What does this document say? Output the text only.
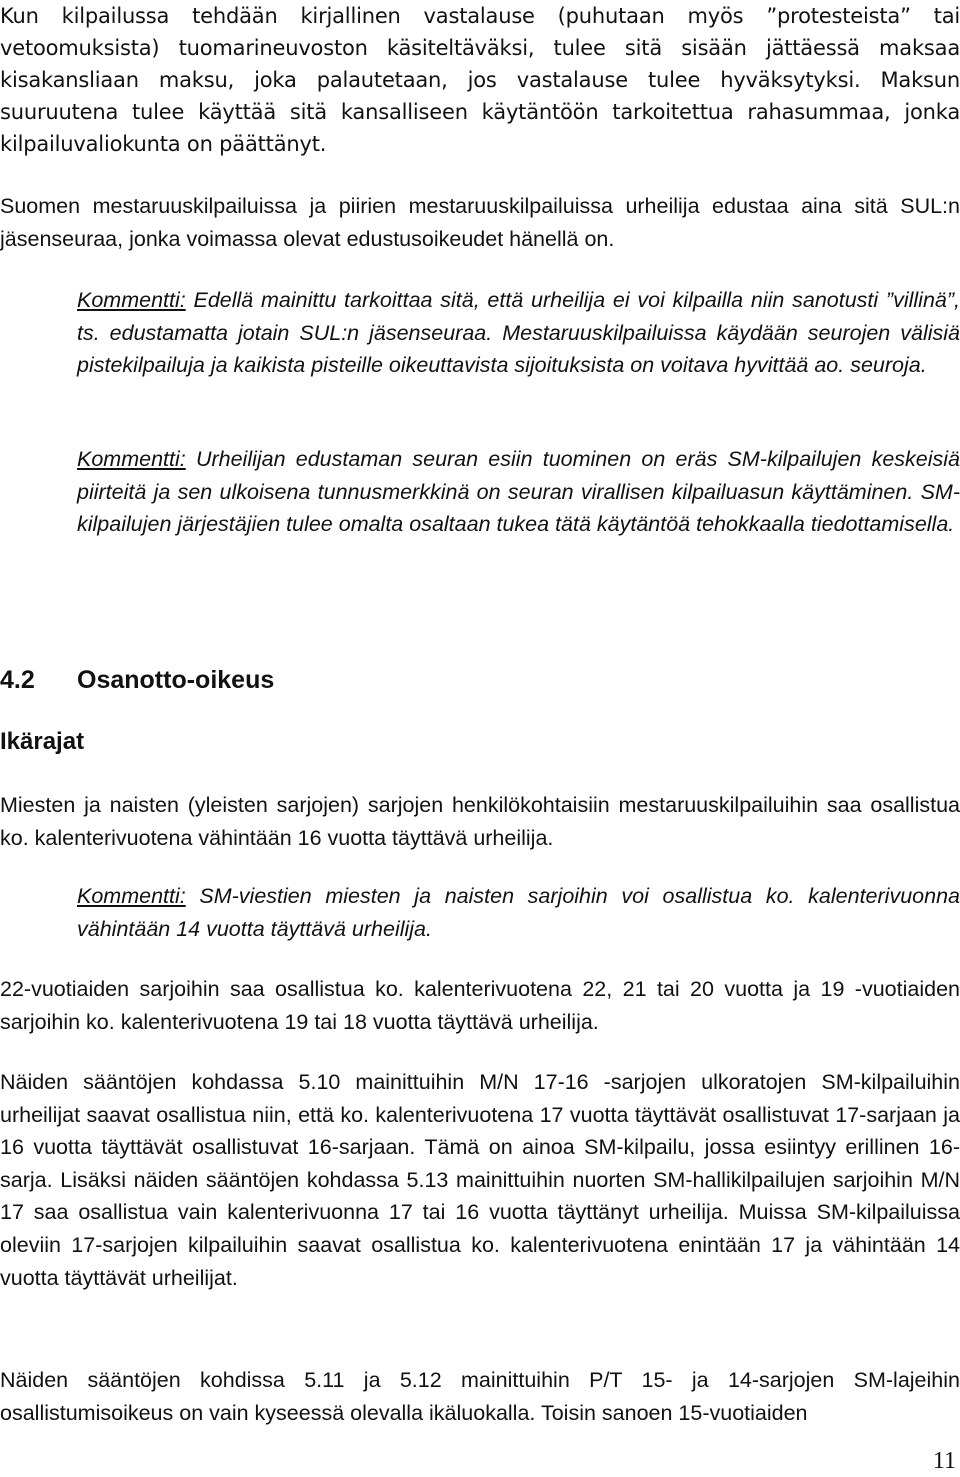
Kun kilpailussa tehdään kirjallinen vastalause (puhutaan myös ”protesteista” tai vetoomuksista) tuomarineuvoston käsiteltäväksi, tulee sitä sisään jättäessä maksaa kisakansliaan maksu, joka palautetaan, jos vastalause tulee hyväksytyksi. Maksun suuruutena tulee käyttää sitä kansalliseen käytäntöön tarkoitettua rahasummaa, jonka kilpailuvaliokunta on päättänyt.

Suomen mestaruuskilpailuissa ja piirien mestaruuskilpailuissa urheilija edustaa aina sitä SUL:n jäsenseuraa, jonka voimassa olevat edustusoikeudet hänellä on.

Kommentti: Edellä mainittu tarkoittaa sitä, että urheilija ei voi kilpailla niin sanotusti ”villinä”, ts. edustamatta jotain SUL:n jäsenseuraa. Mestaruuskilpailuissa käydään seurojen välisiä pistekilpailuja ja kaikista pisteille oikeuttavista sijoituksista on voitava hyvittää ao. seuroja.

Kommentti: Urheilijan edustaman seuran esiin tuominen on eräs SM-kilpailujen keskeisiä piirteitä ja sen ulkoisena tunnusmerkkinä on seuran virallisen kilpailuasun käyttäminen. SM-kilpailujen järjestäjien tulee omalta osaltaan tukea tätä käytäntöä tehokkaalla tiedottamisella.

4.2 Osanotto-oikeus
Ikärajat

Miesten ja naisten (yleisten sarjojen) sarjojen henkilökohtaisiin mestaruuskilpailuihin saa osallistua ko. kalenterivuotena vähintään 16 vuotta täyttävä urheilija.

Kommentti: SM-viestien miesten ja naisten sarjoihin voi osallistua ko. kalenterivuonna vähintään 14 vuotta täyttävä urheilija.

22-vuotiaiden sarjoihin saa osallistua ko. kalenterivuotena 22, 21 tai 20 vuotta ja 19 -vuotiaiden sarjoihin ko. kalenterivuotena 19 tai 18 vuotta täyttävä urheilija.

Näiden sääntöjen kohdassa 5.10 mainittuihin M/N 17-16 -sarjojen ulkoratojen SM-kilpailuihin urheilijat saavat osallistua niin, että ko. kalenterivuotena 17 vuotta täyttävät osallistuvat 17-sarjaan ja 16 vuotta täyttävät osallistuvat 16-sarjaan. Tämä on ainoa SM-kilpailu, jossa esiintyy erillinen 16-sarja. Lisäksi näiden sääntöjen kohdassa 5.13 mainittuihin nuorten SM-hallikilpailujen sarjoihin M/N 17 saa osallistua vain kalenterivuonna 17 tai 16 vuotta täyttänyt urheilija. Muissa SM-kilpailuissa oleviin 17-sarjojen kilpailuihin saavat osallistua ko. kalenterivuotena enintään 17 ja vähintään 14 vuotta täyttävät urheilijat.

Näiden sääntöjen kohdissa 5.11 ja 5.12 mainittuihin P/T 15- ja 14-sarjojen SM-lajeihin osallistumisoikeus on vain kyseessä olevalla ikäluokalla. Toisin sanoen 15-vuotiaiden

11
